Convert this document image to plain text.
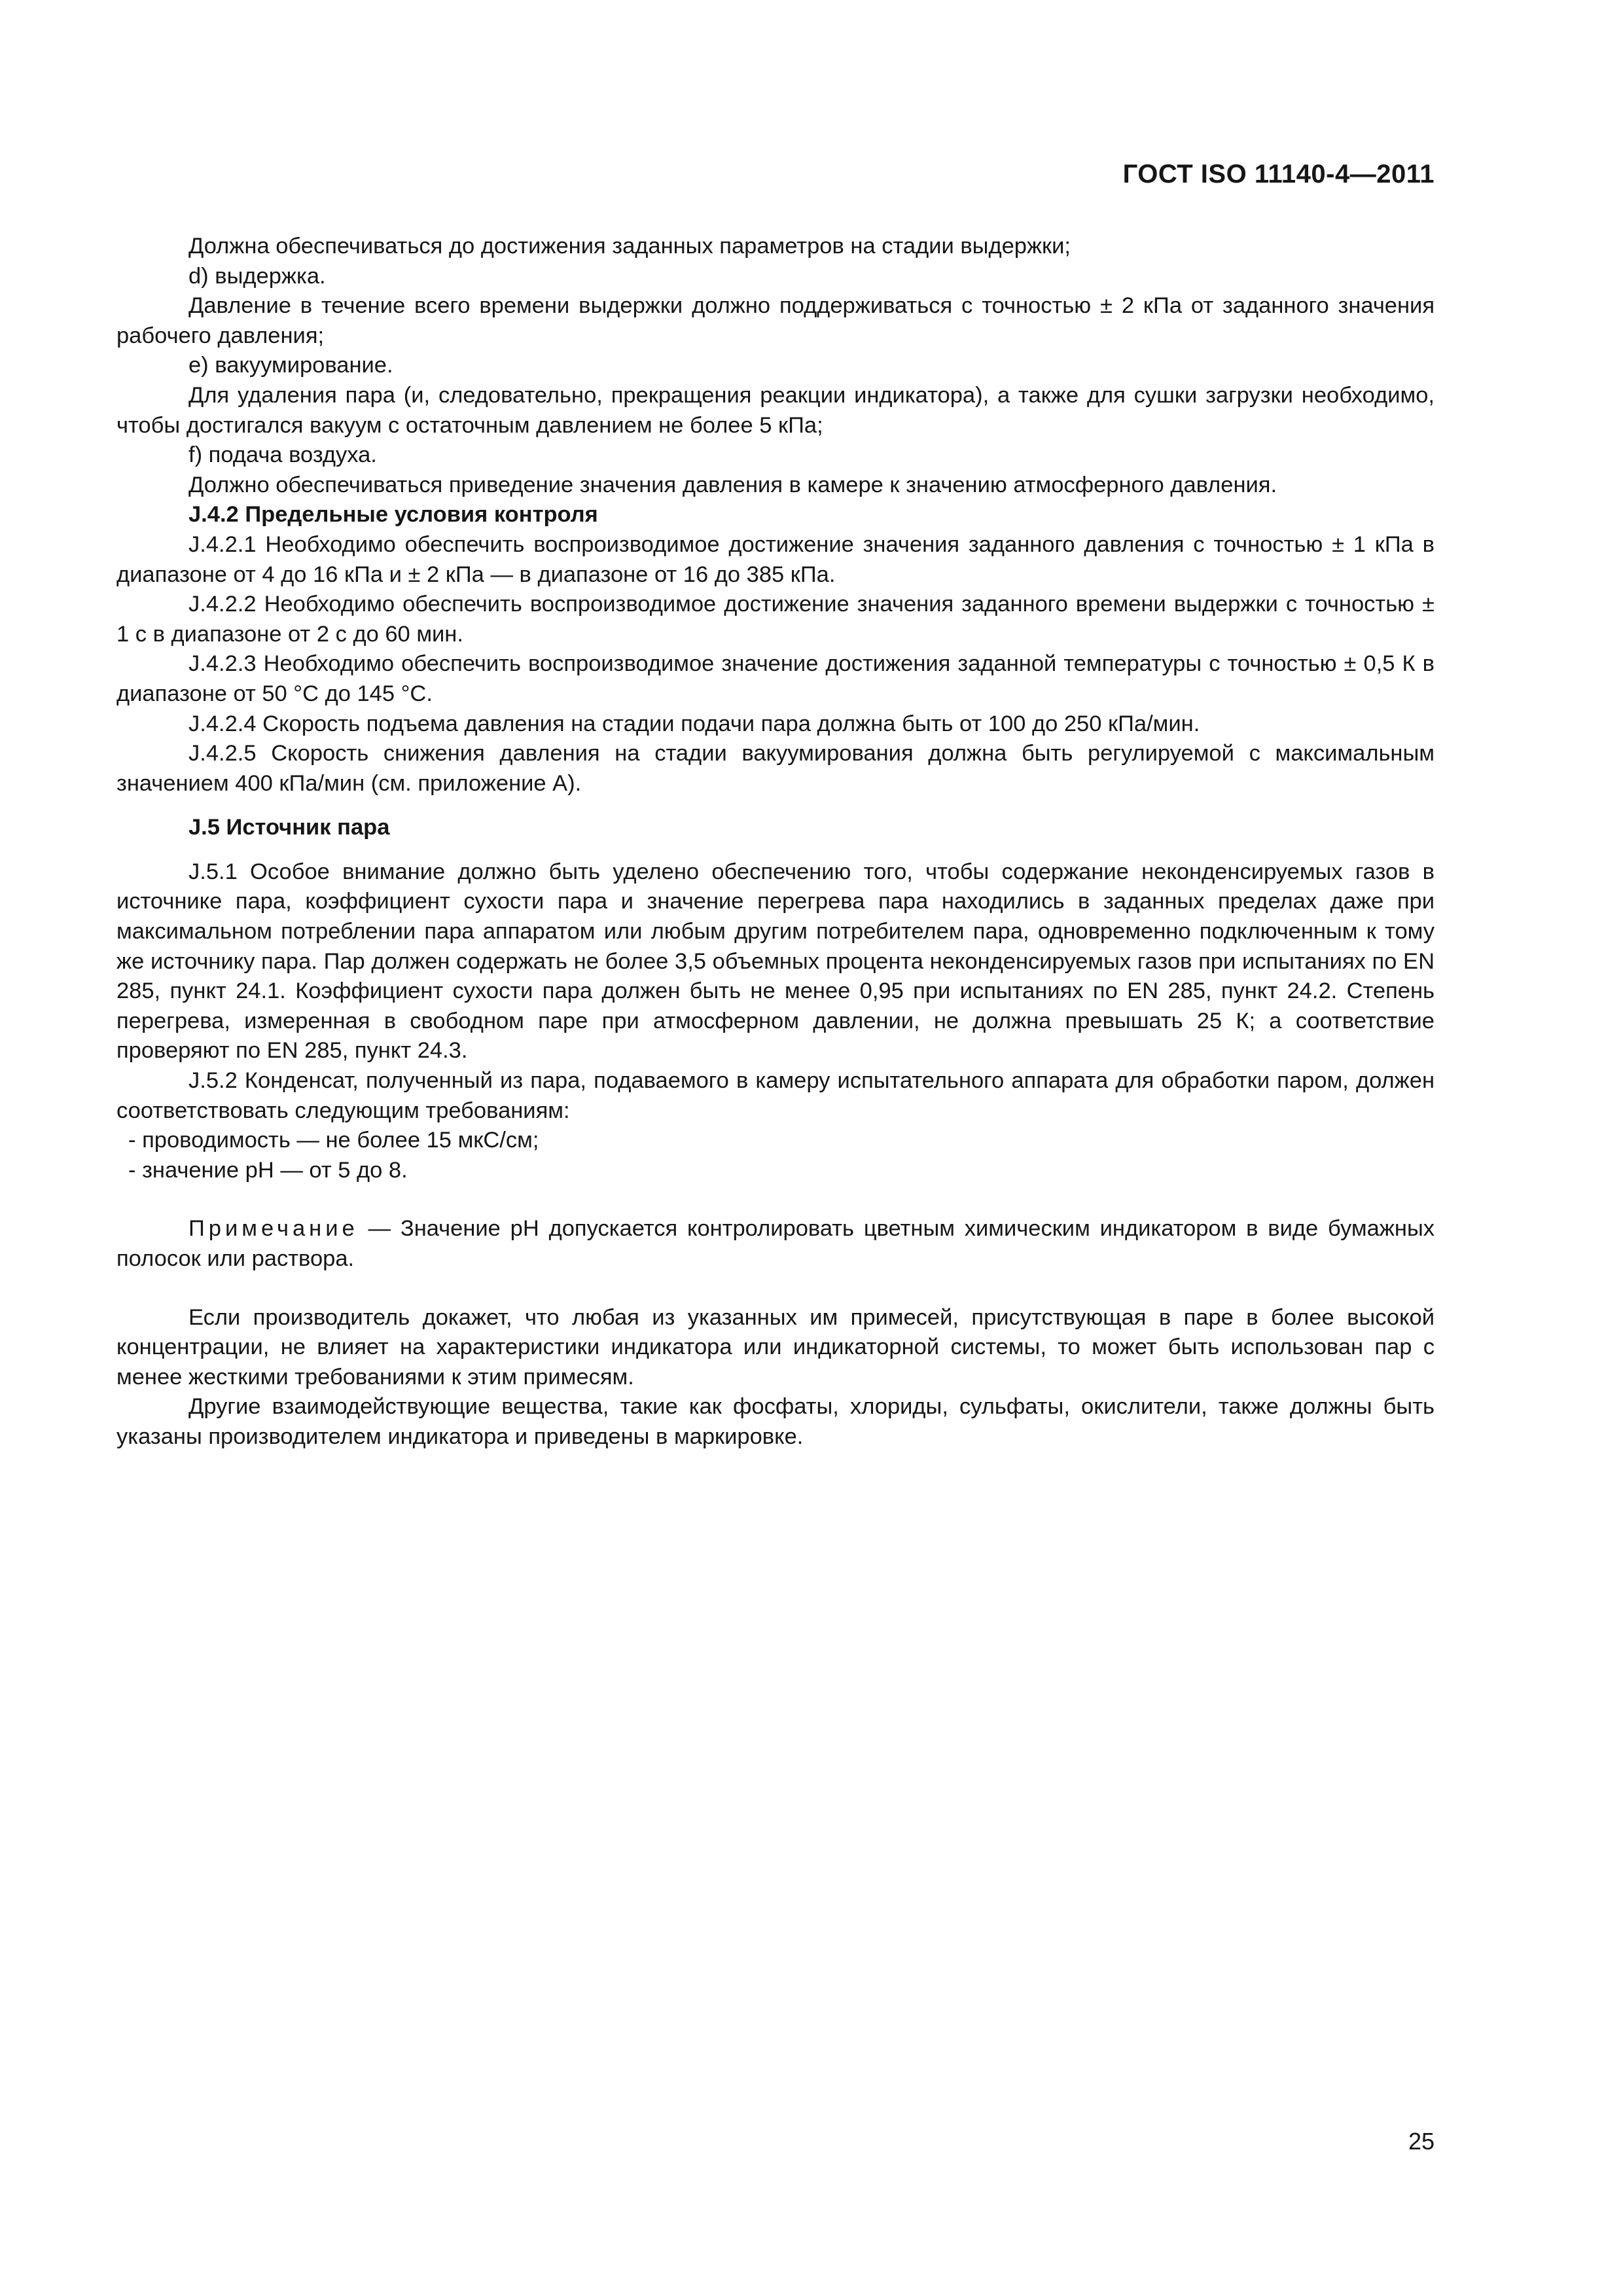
ГОСТ ISO 11140-4—2011

Должна обеспечиваться до достижения заданных параметров на стадии выдержки;

d) выдержка.

Давление в течение всего времени выдержки должно поддерживаться с точностью ± 2 кПа от заданного значения рабочего давления;

е) вакуумирование.

Для удаления пара (и, следовательно, прекращения реакции индикатора), а также для сушки загрузки необходимо, чтобы достигался вакуум с остаточным давлением не более 5 кПа;

f) подача воздуха.

Должно обеспечиваться приведение значения давления в камере к значению атмосферного давления.

J.4.2 Предельные условия контроля

J.4.2.1 Необходимо обеспечить воспроизводимое достижение значения заданного давления с точностью ± 1 кПа в диапазоне от 4 до 16 кПа и ± 2 кПа — в диапазоне от 16 до 385 кПа.

J.4.2.2 Необходимо обеспечить воспроизводимое достижение значения заданного времени выдержки с точностью ± 1 с в диапазоне от 2 с до 60 мин.

J.4.2.3 Необходимо обеспечить воспроизводимое значение достижения заданной температуры с точностью ± 0,5 К в диапазоне от 50 °С до 145 °С.

J.4.2.4 Скорость подъема давления на стадии подачи пара должна быть от 100 до 250 кПа/мин.

J.4.2.5 Скорость снижения давления на стадии вакуумирования должна быть регулируемой с максимальным значением 400 кПа/мин (см. приложение А).

J.5 Источник пара

J.5.1 Особое внимание должно быть уделено обеспечению того, чтобы содержание неконденсируемых газов в источнике пара, коэффициент сухости пара и значение перегрева пара находились в заданных пределах даже при максимальном потреблении пара аппаратом или любым другим потребителем пара, одновременно подключенным к тому же источнику пара. Пар должен содержать не более 3,5 объемных процента неконденсируемых газов при испытаниях по EN 285, пункт 24.1. Коэффициент сухости пара должен быть не менее 0,95 при испытаниях по EN 285, пункт 24.2. Степень перегрева, измеренная в свободном паре при атмосферном давлении, не должна превышать 25 К; а соответствие проверяют по EN 285, пункт 24.3.

J.5.2 Конденсат, полученный из пара, подаваемого в камеру испытательного аппарата для обработки паром, должен соответствовать следующим требованиям:

- проводимость — не более 15 мкС/см;

- значение pH — от 5 до 8.

Примечание — Значение pH допускается контролировать цветным химическим индикатором в виде бумажных полосок или раствора.

Если производитель докажет, что любая из указанных им примесей, присутствующая в паре в более высокой концентрации, не влияет на характеристики индикатора или индикаторной системы, то может быть использован пар с менее жесткими требованиями к этим примесям.

Другие взаимодействующие вещества, такие как фосфаты, хлориды, сульфаты, окислители, также должны быть указаны производителем индикатора и приведены в маркировке.

25
